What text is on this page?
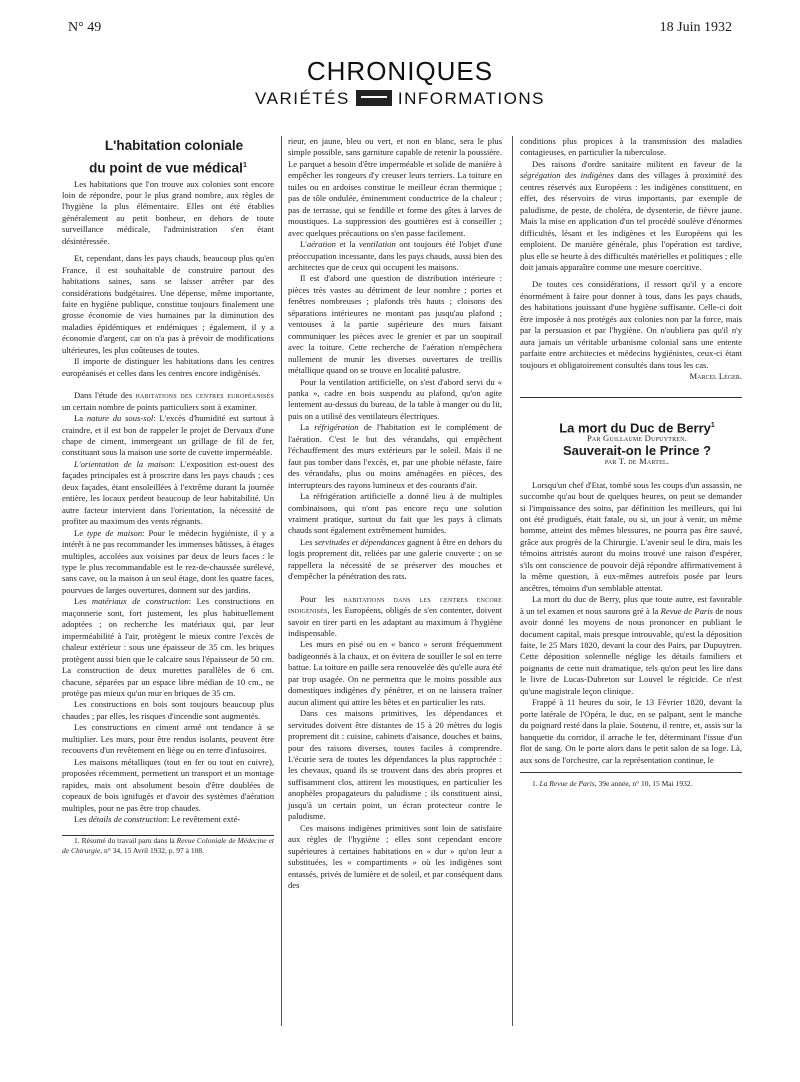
N° 49	18 Juin 1932
CHRONIQUES
VARIÉTÉS	INFORMATIONS

L'habitation coloniale
du point de vue médical$^1$

Les habitations que l'on trouve aux colonies sont encore loin de répondre, pour le plus grand nombre, aux règles de l'hygiène la plus élémentaire. Elles ont été établies généralement au petit bonheur, en dehors de toute surveillance médicale, l'administration s'en étant désintéressée.

Et, cependant, dans les pays chauds, beaucoup plus qu'en France, il est souhaitable de construire partout des habitations saines, sans se laisser arrêter par des considérations budgétaires. Une dépense, même importante, faite en hygiène publique, constitue toujours finalement une grosse économie de vies humaines par la diminution des maladies épidémiques et endémiques ; également, il y a économie d'argent, car on n'a pas à prévoir de modifications ultérieures, les plus coûteuses de toutes.

Il importe de distinguer les habitations dans les centres européanisés et celles dans les centres encore indigénisés.

Dans l'étude des habitations des centres européanisés un certain nombre de points particuliers sont à examiner.

La nature du sous-sol: L'excès d'humidité est surtout à craindre, et il est bon de rappeler le projet de Dervaux d'une chape de ciment, immergeant un grillage de fil de fer, constituant sous la maison une sorte de cuvette imperméable.

L'orientation de la maison: L'exposition est-ouest des façades principales est à proscrire dans les pays chauds ; ces deux façades, étant ensoleillées à l'extrême durant la journée entière, les locaux perdent beaucoup de leur habitabilité. Un autre facteur intervient dans l'orientation, la nécessité de profiter au maximum des vents régnants.

Le type de maison: Pour le médecin hygiéniste, il y a intérêt à ne pas recommander les immenses bâtisses, à étages multiples, accolées aux voisines par deux de leurs faces : le type le plus recommandable est le rez-de-chaussée surélevé, sans cave, ou la maison à un seul étage, dont les quatre faces, pourvues de larges ouvertures, donnent sur des jardins.

Les matériaux de construction: Les constructions en maçonnerie sont, fort justement, les plus habituellement adoptées ; on recherche les matériaux qui, par leur imperméabilité à l'air, protègent le mieux contre l'excès de chaleur extérieur : sous une épaisseur de 35 cm. les briques protègent aussi bien que le calcaire sous l'épaisseur de 50 cm. La construction de deux murettes parallèles de 6 cm. chacune, séparées par un espace libre médian de 10 cm., ne protège pas mieux qu'un mur en briques de 35 cm.

Les constructions en bois sont toujours beaucoup plus chaudes ; par elles, les risques d'incendie sont augmentés.

Les constructions en ciment armé ont tendance à se multiplier. Les murs, pour être rendus isolants, peuvent être recouverts d'un revêtement en liège ou en terre d'infusoires.

Les maisons métalliques (tout en fer ou tout en cuivre), proposées récemment, permettent un transport et un montage rapides, mais ont absolument besoin d'être doublées de copeaux de bois ignifugés et d'avoir des systèmes d'aération multiples, pour ne pas être trop chaudes.

Les détails de construction: Le revêtement exté-

1. Résumé du travail paru dans la Revue Coloniale de Médecine et de Chirurgie, n° 34, 15 Avril 1932, p. 97 à 108.

rieur, en jaune, bleu ou vert, et non en blanc, sera le plus simple possible, sans garniture capable de retenir la poussière. Le parquet a besoin d'être imperméable et solide de manière à empêcher les rongeurs d'y creuser leurs terriers. La toiture en tuiles ou en ardoises constitue le meilleur écran thermique ; pas de tôle ondulée, éminemment conductrice de la chaleur ; pas de terrasse, qui se fendille et forme des gîtes à larves de moustiques. La suppression des gouttières est à conseiller ; avec quelques précautions on s'en passe facilement.

L'aération et la ventilation ont toujours été l'objet d'une préoccupation incessante, dans les pays chauds, aussi bien des architectes que de ceux qui occupent les maisons.

Il est d'abord une question de distribution intérieure : pièces très vastes au détriment de leur nombre ; portes et fenêtres nombreuses ; plafonds très hauts ; cloisons des séparations intérieures ne montant pas jusqu'au plafond ; ventouses à la partie supérieure des murs faisant communiquer les pièces avec le grenier et par un soupirail avec la toiture. Cette recherche de l'aération n'empêchera nullement de munir les diverses ouvertures de treillis métallique quand on se trouve en localité palustre.

Pour la ventilation artificielle, on s'est d'abord servi du « panka », cadre en bois suspendu au plafond, qu'on agite lentement au-dessus du bureau, de la table à manger ou du lit, puis on a utilisé des ventilateurs électriques.

La réfrigération de l'habitation est le complément de l'aération. C'est le but des vérandahs, qui empêchent l'échauffement des murs extérieurs par le soleil. Mais il ne faut pas tomber dans l'excès, et, par une phobie néfaste, faire des vérandahs, plus ou moins aménagées en pièces, des interrupteurs des rayons lumineux et des courants d'air.

La réfrigération artificielle a donné lieu à de multiples combinaisons, qui n'ont pas encore reçu une solution vraiment pratique, surtout du fait que les pays à climats chauds sont également extrêmement humides.

Les servitudes et dépendances gagnent à être en dehors du logis proprement dit, reliées par une galerie couverte ; on se rappellera la nécessité de se préserver des mouches et d'empêcher la pénétration des rats.

Pour les habitations dans les centres encore indigénisés, les Européens, obligés de s'en contenter, doivent savoir en tirer parti en les adaptant au maximum à l'hygiène indispensable.

Les murs en pisé ou en « banco » seront fréquemment badigeonnés à la chaux, et on évitera de souiller le sol en terre battue. La toiture en paille sera renouvelée dès qu'elle aura été par trop usagée. On ne permettra que le moins possible aux domestiques indigènes d'y pénétrer, et on ne laissera traîner aucun aliment qui attire les bêtes et en particulier les rats.

Dans ces maisons primitives, les dépendances et servitudes doivent être distantes de 15 à 20 mètres du logis proprement dit : cuisine, cabinets d'aisance, douches et bains, pour des raisons diverses, toutes faciles à comprendre. L'écurie sera de toutes les dépendances la plus rapprochée : les chevaux, quand ils se trouvent dans des abris propres et suffisamment clos, attirent les moustiques, en particulier les anophèles propagateurs du paludisme ; ils constituent ainsi, jusqu'à un certain point, un écran protecteur contre le paludisme.

Ces maisons indigènes primitives sont loin de satisfaire aux règles de l'hygiène ; elles sont cependant encore supérieures à certaines habitations en « dur » qu'on leur a substituées, les « compartiments » où les indigènes sont entassés, privés de lumière et de soleil, et par conséquent dans des

conditions plus propices à la transmission des maladies contagieuses, en particulier la tuberculose.

Des raisons d'ordre sanitaire militent en faveur de la ségrégation des indigènes dans des villages à proximité des centres réservés aux Européens : les indigènes constituent, en effet, des réservoirs de virus importants, par exemple de paludisme, de peste, de choléra, de dysenterie, de fièvre jaune. Mais la mise en application d'un tel procédé soulève d'énormes difficultés, lésant et les indigènes et les Européens qui les emploient. De manière générale, plus l'opération est tardive, plus elle se heurte à des difficultés matérielles et politiques ; elle doit jamais apparaître comme une mesure coercitive.

De toutes ces considérations, il ressort qu'il y a encore énormément à faire pour donner à tous, dans les pays chauds, des habitations jouissant d'une hygiène suffisante. Celle-ci doit être imposée à nos protégés aux colonies non par la force, mais par la persuasion et par l'hygiène. On n'oubliera pas qu'il n'y aura jamais un véritable urbanisme colonial sans une entente parfaite entre architectes et médecins hygiénistes, ceux-ci étant toujours et obligatoirement consultés dans tous les cas.

Marcel Léger.

La mort du Duc de Berry$^1$

Par Guillaume Dupuytren.

Sauverait-on le Prince ?

par T. de Martel.

Lorsqu'un chef d'Etat, tombé sous les coups d'un assassin, ne succombe qu'au bout de quelques heures, on peut se demander si l'impuissance des soins, par définition les meilleurs, qui lui ont été prodigués, était fatale, ou si, un jour à venir, un même homme, atteint des mêmes blessures, ne pourra pas être sauvé, grâce aux progrès de la Chirurgie. L'avenir seul le dira, mais les témoins attristés auront du moins trouvé une raison d'espérer, s'ils ont conscience de pouvoir déjà répondre affirmativement à la même question, à eux-mêmes autrefois posée par leurs ancêtres, témoins d'un semblable attentat.

La mort du duc de Berry, plus que toute autre, est favorable à un tel examen et nous saurons gré à la Revue de Paris de nous avoir donné les moyens de nous prononcer en publiant le document capital, mais presque introuvable, qu'est la déposition faite, le 25 Mars 1820, devant la cour des Pairs, par Dupuytren. Cette déposition solennelle néglige les détails familiers et poignants de cette nuit dramatique, tels qu'on peut les lire dans le livre de Lucas-Dubreton sur Louvel le régicide. Ce n'est qu'une magistrale leçon clinique.

Frappé à 11 heures du soir, le 13 Février 1820, devant la porte latérale de l'Opéra, le duc, en se palpant, sent le manche du poignard resté dans la plaie. Soutenu, il rentre, et, assis sur la banquette du corridor, il arrache le fer, déterminant l'issue d'un flot de sang. On le porte alors dans le petit salon de sa loge. Là, aux sons de l'orchestre, car la représentation continue, le

1. La Revue de Paris, 39e année, n° 10, 15 Mai 1932.
